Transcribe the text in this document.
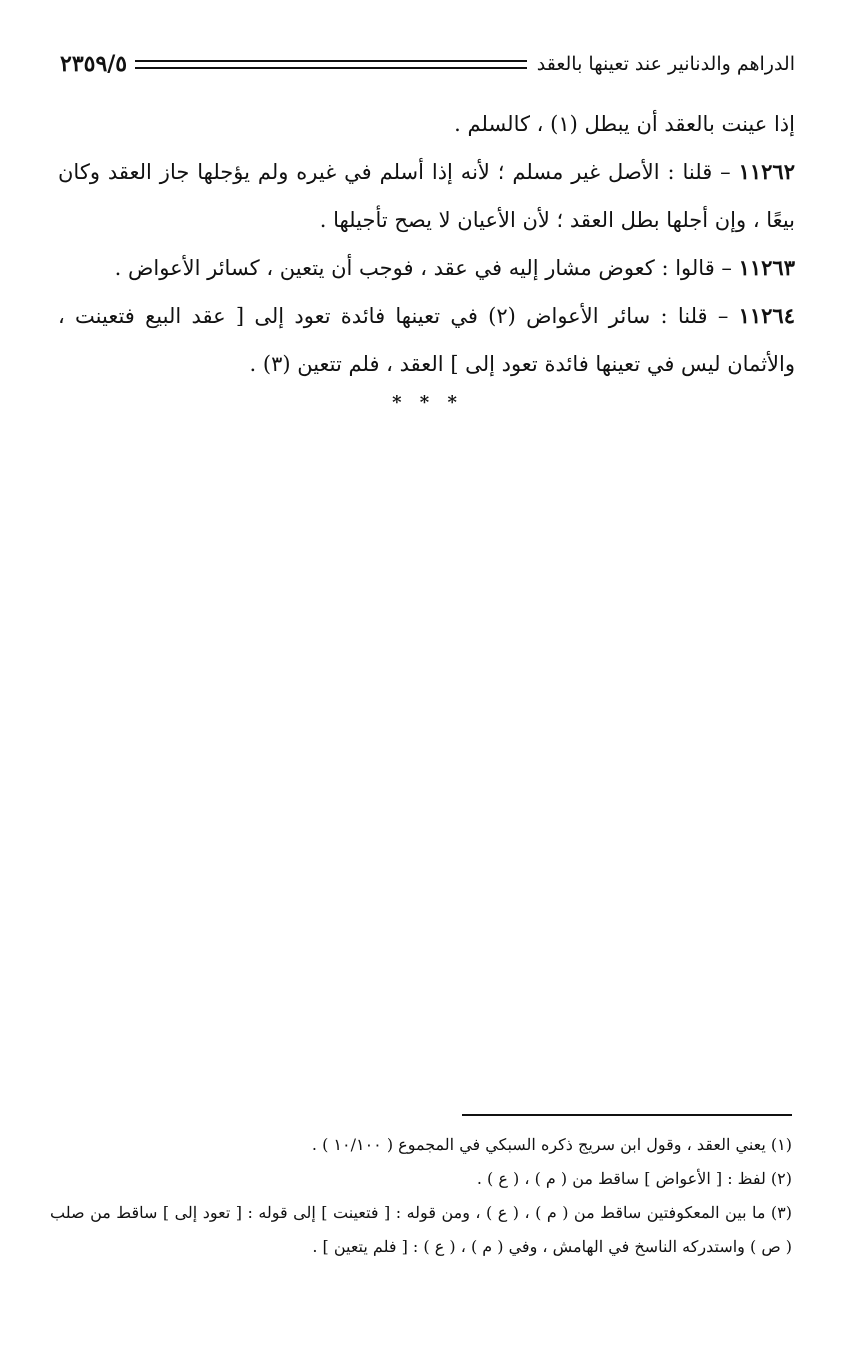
الدراهم والدنانير عند تعينها بالعقد
٢٣٥٩/٥

إذا عينت بالعقد أن يبطل (١) ، كالسلم .

١١٢٦٢ – قلنا : الأصل غير مسلم ؛ لأنه إذا أسلم في غيره ولم يؤجلها جاز العقد وكان بيعًا ، وإن أجلها بطل العقد ؛ لأن الأعيان لا يصح تأجيلها .

١١٢٦٣ – قالوا : كعوض مشار إليه في عقد ، فوجب أن يتعين ، كسائر الأعواض .

١١٢٦٤ – قلنا : سائر الأعواض (٢) في تعينها فائدة تعود إلى [ عقد البيع فتعينت ، والأثمان ليس في تعينها فائدة تعود إلى ] العقد ، فلم تتعين (٣) .

* * *

(١) يعني العقد ، وقول ابن سريج ذكره السبكي في المجموع ( ١٠/١٠٠ ) .

(٢) لفظ : [ الأعواض ] ساقط من ( م ) ، ( ع ) .

(٣) ما بين المعكوفتين ساقط من ( م ) ، ( ع ) ، ومن قوله : [ فتعينت ] إلى قوله : [ تعود إلى ] ساقط من صلب ( ص ) واستدركه الناسخ في الهامش ، وفي ( م ) ، ( ع ) : [ فلم يتعين ] .
